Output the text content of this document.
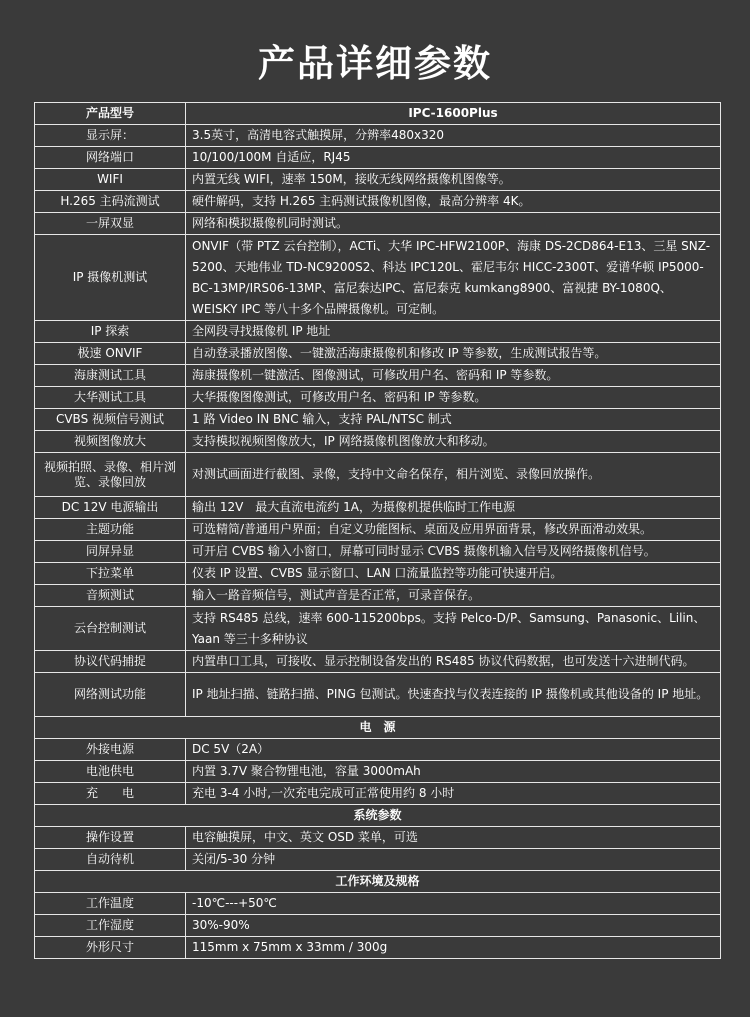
产品详细参数
产品型号	IPC-1600Plus
显示屏：	3.5英寸，高清电容式触摸屏，分辨率480x320
网络端口	10/100/100M 自适应，RJ45
WIFI	内置无线 WIFI，速率 150M，接收无线网络摄像机图像等。
H.265 主码流测试	硬件解码，支持 H.265 主码测试摄像机图像，最高分辨率 4K。
一屏双显	网络和模拟摄像机同时测试。
IP 摄像机测试	ONVIF（带 PTZ 云台控制），ACTi、大华 IPC-HFW2100P、海康 DS-2CD864-E13、三星 SNZ-5200、天地伟业 TD-NC9200S2、科达 IPC120L、霍尼韦尔 HICC-2300T、爱谱华顿 IP5000-BC-13MP/IRS06-13MP、富尼泰达IPC、富尼泰克 kumkang8900、富视捷 BY-1080Q、WEISKY IPC 等八十多个品牌摄像机。可定制。
IP 探索	全网段寻找摄像机 IP 地址
极速 ONVIF	自动登录播放图像、一键激活海康摄像机和修改 IP 等参数，生成测试报告等。
海康测试工具	海康摄像机一键激活、图像测试，可修改用户名、密码和 IP 等参数。
大华测试工具	大华摄像图像测试，可修改用户名、密码和 IP 等参数。
CVBS 视频信号测试	1 路 Video IN BNC 输入，支持 PAL/NTSC 制式
视频图像放大	支持模拟视频图像放大，IP 网络摄像机图像放大和移动。
视频拍照、录像、相片浏览、录像回放	对测试画面进行截图、录像，支持中文命名保存，相片浏览、录像回放操作。
DC 12V 电源输出	输出 12V　最大直流电流约 1A，为摄像机提供临时工作电源
主题功能	可选精简/普通用户界面；自定义功能图标、桌面及应用界面背景，修改界面滑动效果。
同屏异显	可开启 CVBS 输入小窗口，屏幕可同时显示 CVBS 摄像机输入信号及网络摄像机信号。
下拉菜单	仪表 IP 设置、CVBS 显示窗口、LAN 口流量监控等功能可快速开启。
音频测试	输入一路音频信号，测试声音是否正常，可录音保存。
云台控制测试	支持 RS485 总线，速率 600-115200bps。支持 Pelco-D/P、Samsung、Panasonic、Lilin、Yaan 等三十多种协议
协议代码捕捉	内置串口工具，可接收、显示控制设备发出的 RS485 协议代码数据，也可发送十六进制代码。
网络测试功能	IP 地址扫描、链路扫描、PING 包测试。快速查找与仪表连接的 IP 摄像机或其他设备的 IP 地址。
电　源	
外接电源	DC 5V（2A）
电池供电	内置 3.7V 聚合物锂电池，容量 3000mAh
充　　电	充电 3-4 小时,一次充电完成可正常使用约 8 小时
系统参数	
操作设置	电容触摸屏，中文、英文 OSD 菜单，可选
自动待机	关闭/5-30 分钟
工作环境及规格	
工作温度	-10℃---+50℃
工作湿度	30%-90%
外形尺寸	115mm x 75mm x 33mm / 300g
